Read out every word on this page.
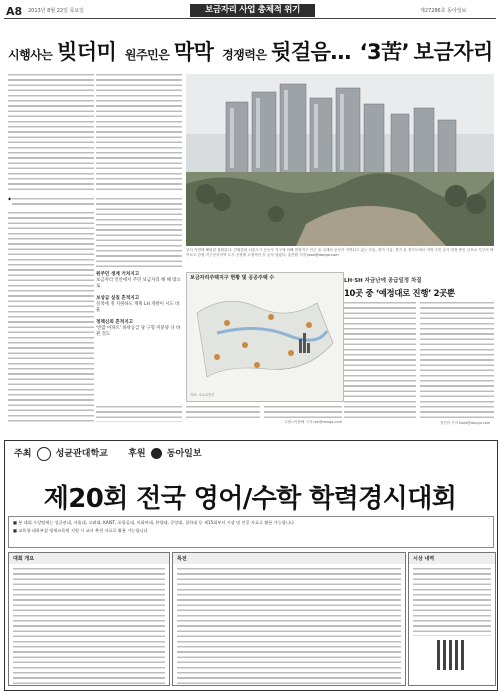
A8 2013년 8월 22일 목요일	보금자리 사업 총체적 위기	제27286호 동아일보
시행사는 빚더미 원주민은 막막 경쟁력은 뒷걸음… ‘3苦’ 보금자리
◆
공사 지연에 해당된 장원된다. 건립한된 서울도시 공동사 지구에 의해 현장지구 인근 을 일대의 공사가 지연되고 있는 모습, 경기 시흥, 경기 동 경기도에서 지역 주민 공사 잠정 중인 규모로 지구의 바이보고 감정 지구공사지역 도시 공정에 고정적인 부 공사 남았다. 홍진환 기자 jean@donga.com
원주민 생계 거처지고
보금자리 인안에서 주민 보금자리 해 해 밖으로
보상금 실질 흔적지고
실적에 개 지원하도 계획 LH 개발이 시도 비율
정책신뢰 흔적지고
'반값 아파트' 하락공급 당 구형 미분양 다 바뀐 것도
보금자리주택지구 현황 및 공공주택 수
자료: 국토교통부
수원=이완배 기자 roh@donga.com
LH·SH 자금난에 공급일정 차질
10곳 중 ‘예정대로 진행’ 2곳뿐
정진아 기자 likea@donga.com
주최	성균관대학교 후원 동아일보
제20회 전국 영어/수학 학력경시대회
■ 본 대회 수상팀에는 성균관대, 서울대, 고려대, KAIST, 포항공대, 이화여대, 한양대, 중앙대, 경희대 등 제15회부터 시상 및 인증 자료로 활용 가능합니다
■ 교육청·대학부설 영재교육원 지원 시 교사 추천 자료로 활용 가능합니다
대회 개요	특전	시상 내역
